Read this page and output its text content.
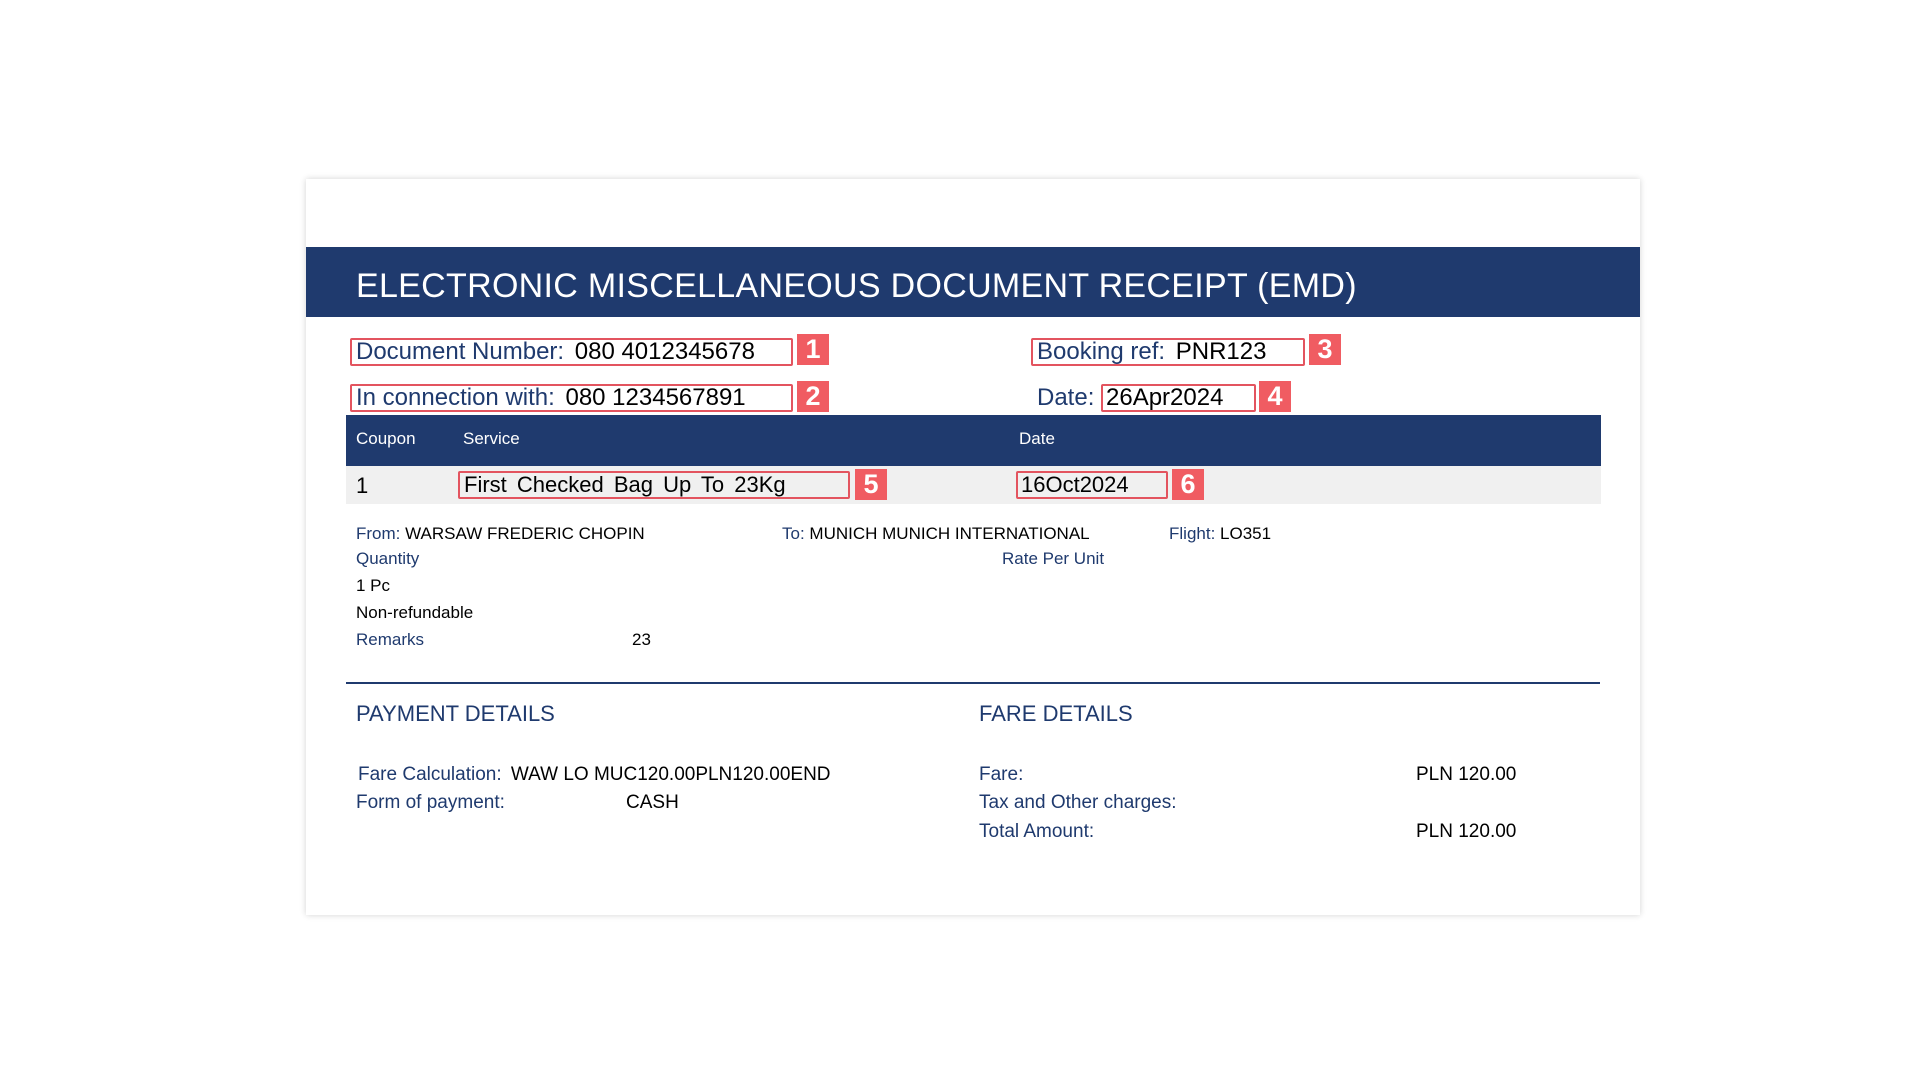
ELECTRONIC MISCELLANEOUS DOCUMENT RECEIPT (EMD)
Document Number: 080 4012345678	1
In connection with: 080 1234567891	2
Booking ref: PNR123	3
Date: 26Apr2024	4
Coupon	Service	Date
1	First Checked Bag Up To 23Kg	5	16Oct2024	6
From: WARSAW FREDERIC CHOPIN	To: MUNICH MUNICH INTERNATIONAL	Flight: LO351
Quantity	Rate Per Unit
1 Pc
Non-refundable
Remarks	23
PAYMENT DETAILS
Fare Calculation: WAW LO MUC120.00PLN120.00END
Form of payment:	CASH
FARE DETAILS
Fare:	PLN 120.00
Tax and Other charges:
Total Amount:	PLN 120.00
